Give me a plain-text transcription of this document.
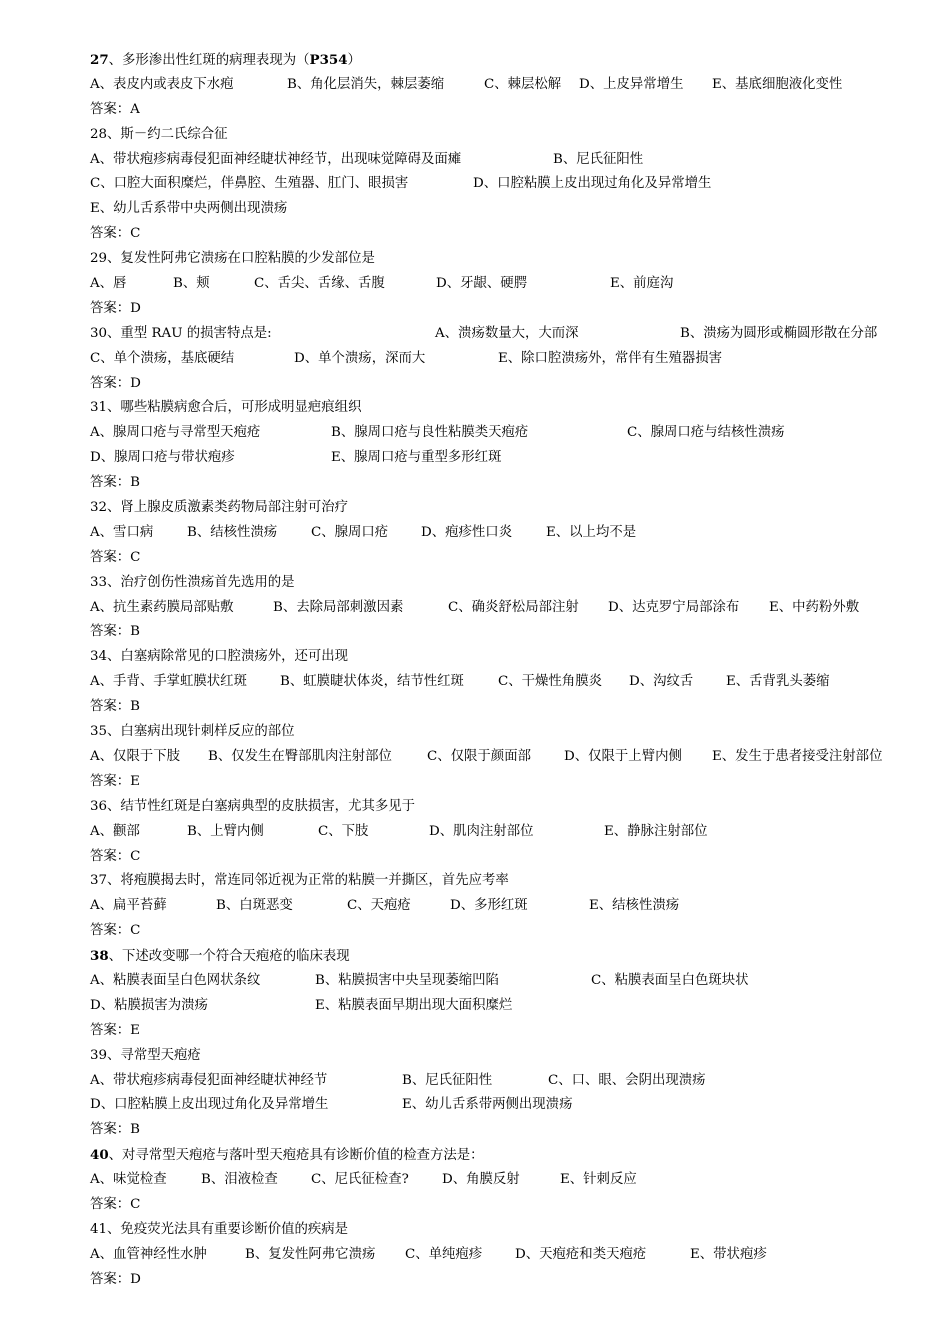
27、多形渗出性红斑的病理表现为（P354）
A、表皮内或表皮下水疱	B、角化层消失，棘层萎缩	C、棘层松解 D、上皮异常增生 E、基底细胞液化变性
答案：A
28、斯－约二氏综合征
A、带状疱疹病毒侵犯面神经睫状神经节，出现味觉障碍及面瘫	B、尼氏征阳性
C、口腔大面积糜烂，伴鼻腔、生殖器、肛门、眼损害	D、口腔粘膜上皮出现过角化及异常增生
E、幼儿舌系带中央两侧出现溃疡
答案：C
29、复发性阿弗它溃疡在口腔粘膜的少发部位是
A、唇	B、颊	C、舌尖、舌缘、舌腹	D、牙龈、硬腭	E、前庭沟
答案：D
30、重型 RAU 的损害特点是:	A、溃疡数量大，大而深	B、溃疡为圆形或椭圆形散在分部
C、单个溃疡，基底硬结	D、单个溃疡，深而大	E、除口腔溃疡外，常伴有生殖器损害
答案：D
31、哪些粘膜病愈合后，可形成明显疤痕组织
A、腺周口疮与寻常型天疱疮	B、腺周口疮与良性粘膜类天疱疮	C、腺周口疮与结核性溃疡
D、腺周口疮与带状疱疹	E、腺周口疮与重型多形红斑
答案：B
32、肾上腺皮质激素类药物局部注射可治疗
A、雪口病	B、结核性溃疡	C、腺周口疮 D、疱疹性口炎	E、以上均不是
答案：C
33、治疗创伤性溃疡首先选用的是
A、抗生素药膜局部贴敷	B、去除局部刺激因素	C、确炎舒松局部注射 D、达克罗宁局部涂布 E、中药粉外敷
答案：B
34、白塞病除常见的口腔溃疡外，还可出现
A、手背、手掌虹膜状红斑 B、虹膜睫状体炎，结节性红斑	C、干燥性角膜炎 D、沟纹舌 E、舌背乳头萎缩
答案：B
35、白塞病出现针刺样反应的部位
A、仅限于下肢 B、仅发生在臀部肌肉注射部位	C、仅限于颜面部 D、仅限于上臂内侧 E、发生于患者接受注射部位
答案：E
36、结节性红斑是白塞病典型的皮肤损害，尤其多见于
A、颧部	B、上臂内侧	C、下肢	D、肌肉注射部位	E、静脉注射部位
答案：C
37、将疱膜揭去时，常连同邻近视为正常的粘膜一并撕区，首先应考率
A、扁平苔藓	B、白斑恶变	C、天疱疮	D、多形红斑	E、结核性溃疡
答案：C
38、下述改变哪一个符合天疱疮的临床表现
A、粘膜表面呈白色网状条纹	B、粘膜损害中央呈现萎缩凹陷	C、粘膜表面呈白色斑块状
D、粘膜损害为溃疡	E、粘膜表面早期出现大面积糜烂
答案：E
39、寻常型天疱疮
A、带状疱疹病毒侵犯面神经睫状神经节	B、尼氏征阳性	C、口、眼、会阴出现溃疡
D、口腔粘膜上皮出现过角化及异常增生	E、幼儿舌系带两侧出现溃疡
答案：B
40、对寻常型天疱疮与落叶型天疱疮具有诊断价值的检查方法是：
A、味觉检查	B、泪液检查 C、尼氏征检查? D、角膜反射	E、针刺反应
答案：C
41、免疫荧光法具有重要诊断价值的疾病是
A、血管神经性水肿	B、复发性阿弗它溃疡 C、单纯疱疹 D、天疱疮和类天疱疮	E、带状疱疹
答案：D
